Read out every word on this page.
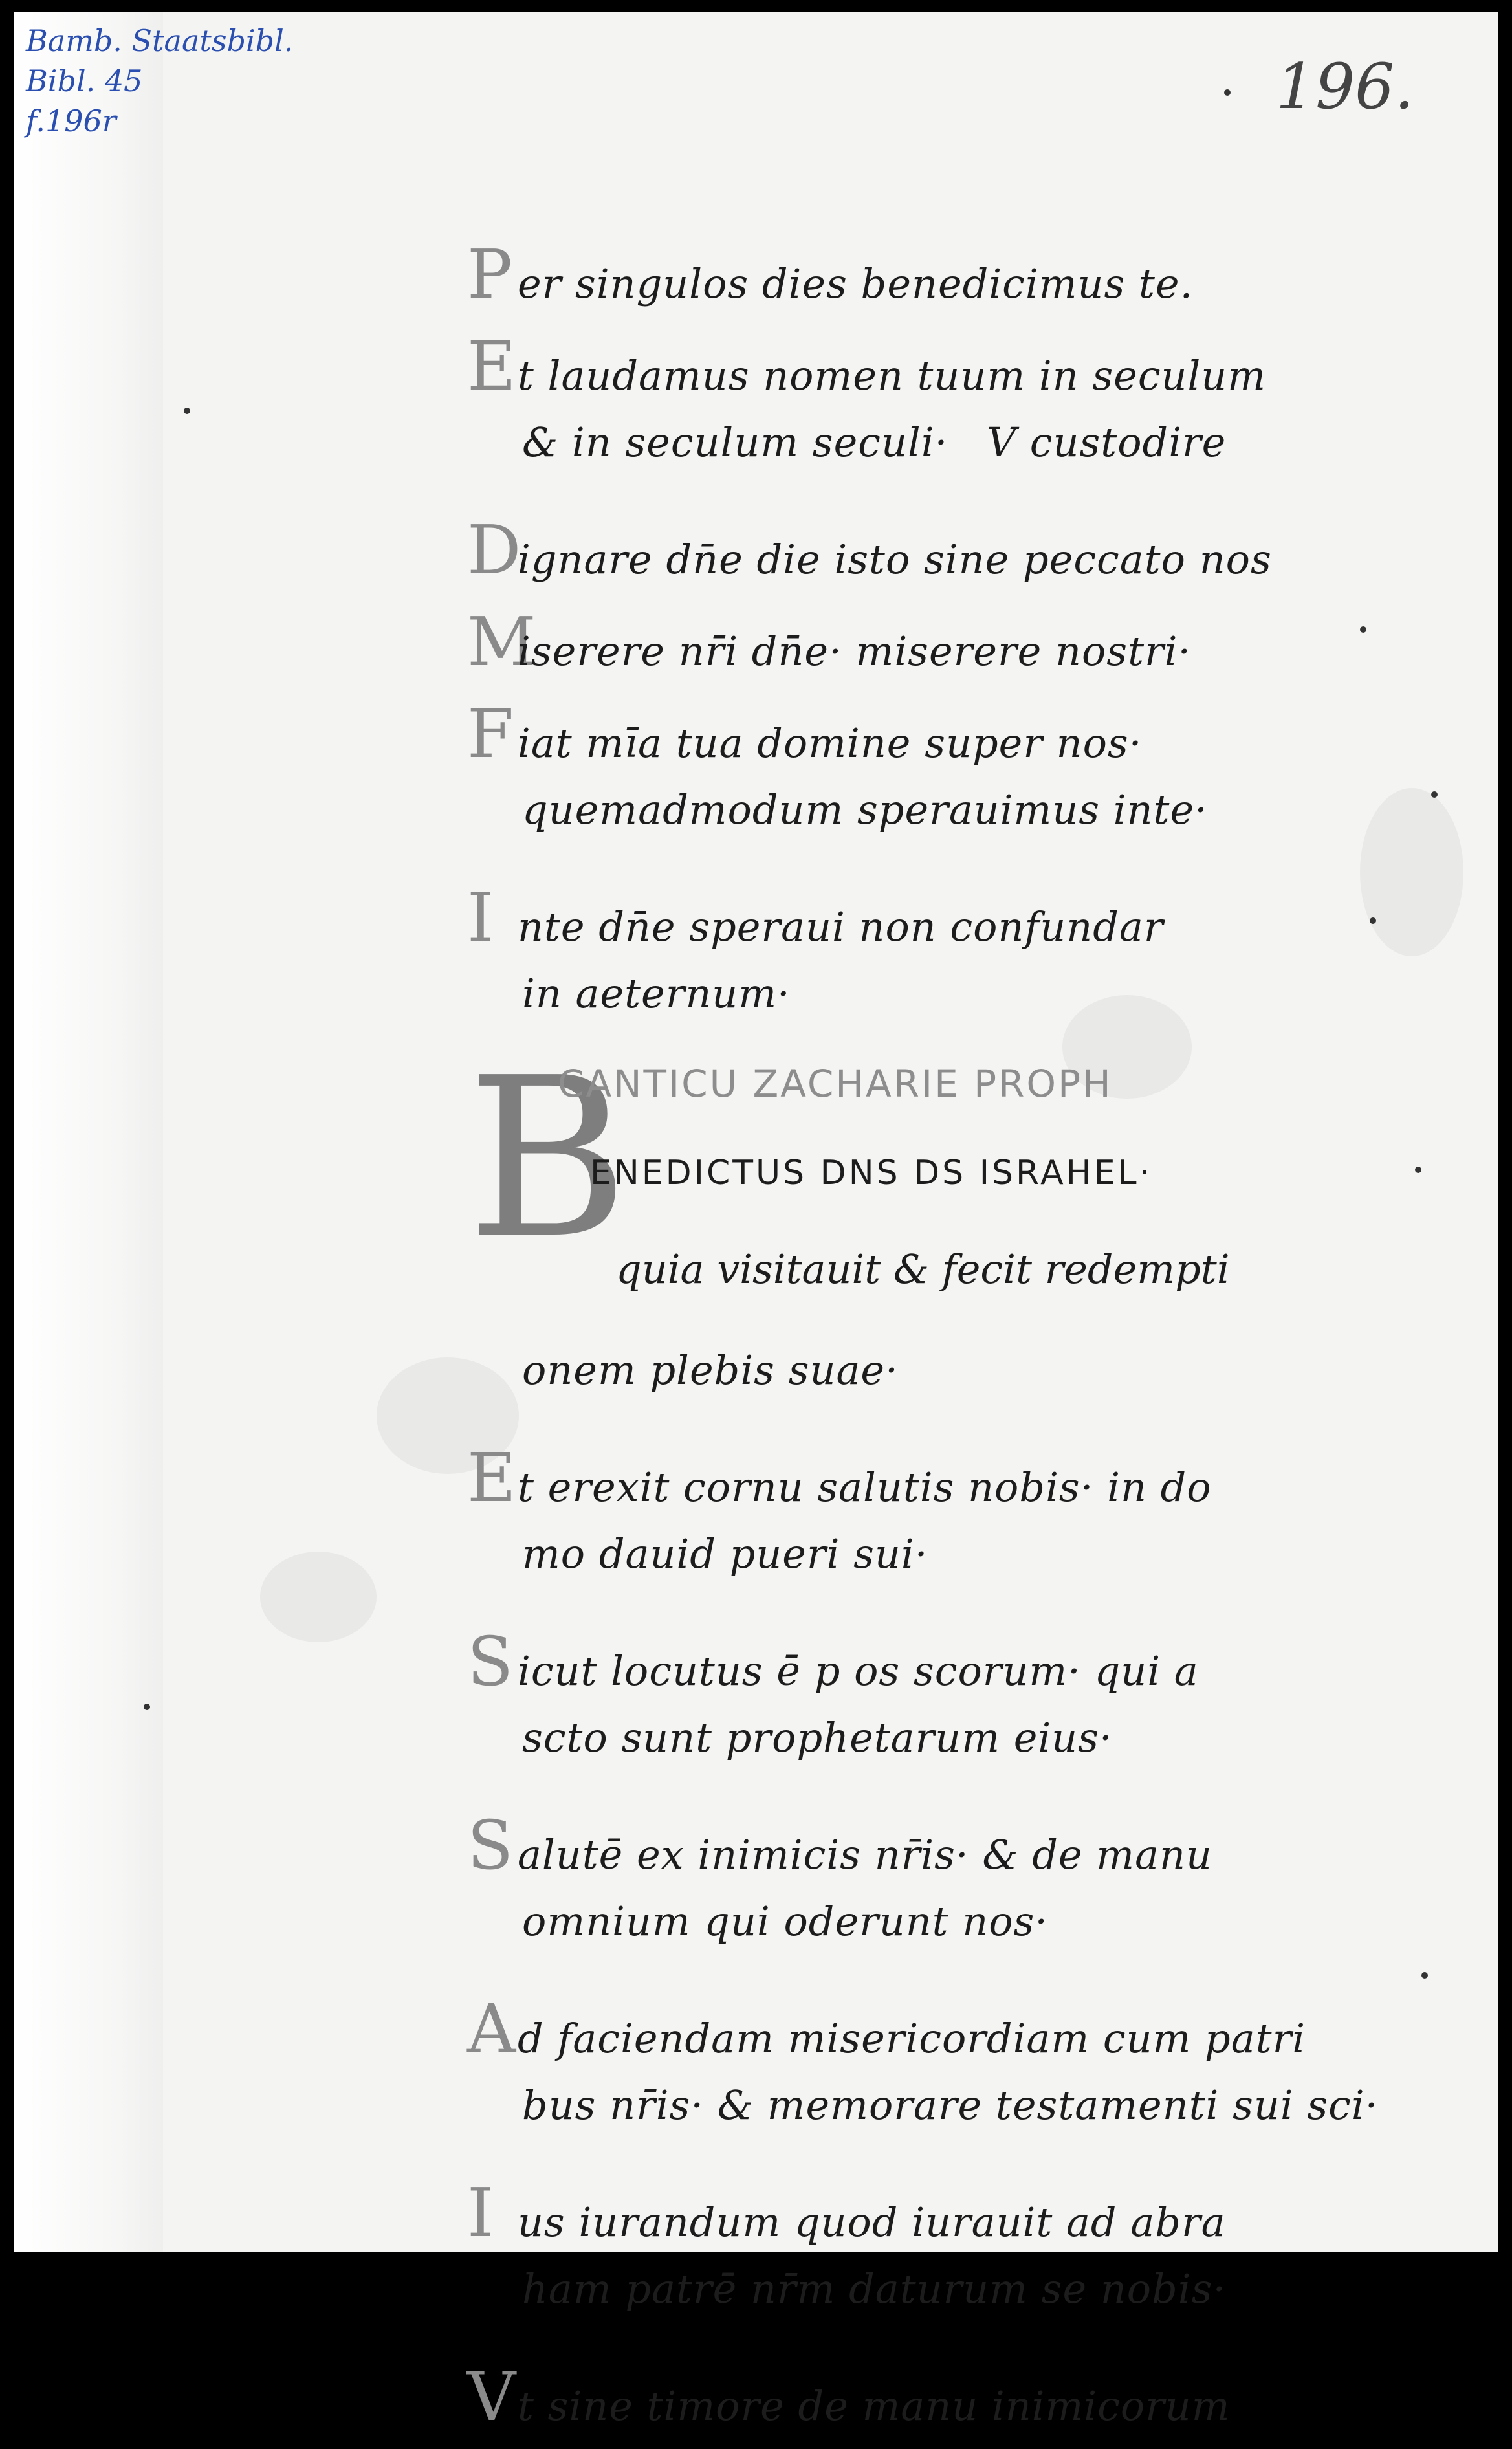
Bamb. Staatsbibl.
Bibl. 45
f.196r	196.
Per singulos dies benedicimus te.
Et laudamus nomen tuum in seculum
& in seculum seculi· V custodire
Dignare dn̄e die isto sine peccato nos
Miserere nr̄i dn̄e· miserere nostri·
Fiat mīa tua domine super nos·
quemadmodum sperauimus inte·
Inte dn̄e speraui non confundar
in aeternum·
B
CANTICU ZACHARIE PROPH
ENEDICTUS DNS DS ISRAHEL·
quia visitauit & fecit redempti
onem plebis suae·
Et erexit cornu salutis nobis· in do
mo dauid pueri sui·
Sicut locutus ē p os scorum· qui a
scto sunt prophetarum eius·
Salutē ex inimicis nr̄is· & de manu
omnium qui oderunt nos·
Ad faciendam misericordiam cum patri
bus nr̄is· & memorare testamenti sui sci·
Ius iurandum quod iurauit ad abra
ham patrē nr̄m daturum se nobis·
Vt sine timore de manu inimicorum
